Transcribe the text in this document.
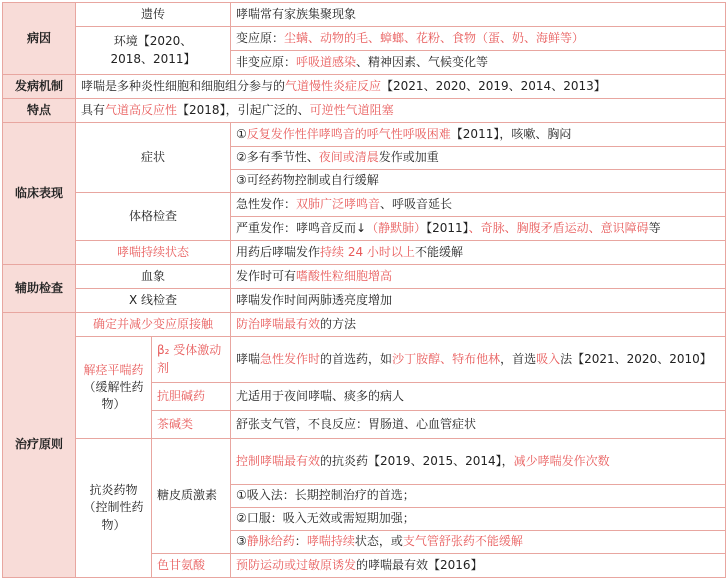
病因	遗传		哮喘常有家族集聚现象
	环境【2020、
2018、2011】		变应原：尘螨、动物的毛、蟑螂、花粉、食物（蛋、奶、海鲜等）
			非变应原：呼吸道感染、精神因素、气候变化等
发病机制	哮喘是多种炎性细胞和细胞组分参与的气道慢性炎症反应【2021、2020、2019、2014、2013】		
特点	具有气道高反应性【2018】，引起广泛的、可逆性气道阻塞		
临床表现	症状		①反复发作性伴哮鸣音的呼气性呼吸困难【2011】，咳嗽、胸闷
			②多有季节性、夜间或清晨发作或加重
			③可经药物控制或自行缓解
	体格检查		急性发作：双肺广泛哮鸣音、呼吸音延长
			严重发作：哮鸣音反而↓（静默肺）【2011】、奇脉、胸腹矛盾运动、意识障碍等
	哮喘持续状态		用药后哮喘发作持续 24 小时以上不能缓解
辅助检查	血象		发作时可有嗜酸性粒细胞增高
	X 线检查		哮喘发作时间两肺透亮度增加
治疗原则	确定并减少变应原接触		防治哮喘最有效的方法
	解痉平喘药
（缓解性药物）	β₂ 受体激动剂	哮喘急性发作时的首选药，如沙丁胺醇、特布他林，首选吸入法【2021、2020、2010】
		抗胆碱药	尤适用于夜间哮喘、痰多的病人
		茶碱类	舒张支气管，不良反应：胃肠道、心血管症状
	抗炎药物
（控制性药物）	糖皮质激素	控制哮喘最有效的抗炎药【2019、2015、2014】，减少哮喘发作次数
			①吸入法：长期控制治疗的首选；
			②口服：吸入无效或需短期加强；
			③静脉给药：哮喘持续状态，或支气管舒张药不能缓解
		色甘氨酸	预防运动或过敏原诱发的哮喘最有效【2016】
